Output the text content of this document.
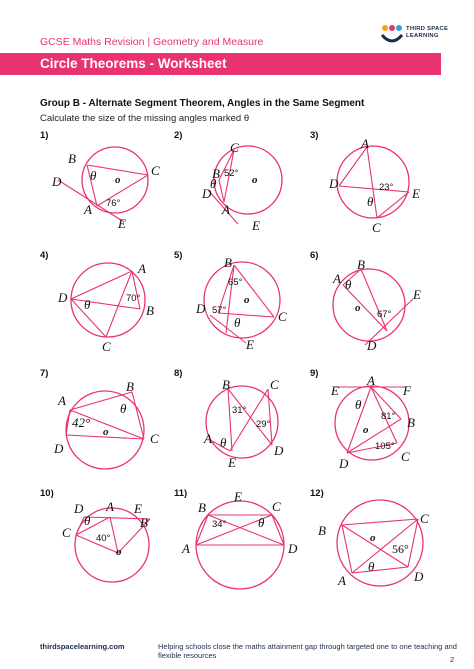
GCSE Maths Revision | Geometry and Measure
THIRD SPACE LEARNING
Circle Theorems - Worksheet
Group B - Alternate Segment Theorem, Angles in the Same Segment
Calculate the size of the missing angles marked θ
1)
B
C
D
A
E
θ
76°
o
2)
C
B
D
A
E
52°
θ	o
3)
A
D
C
E
23°
θ
4)
A
D
B
C
θ	70°
5)	B
D
C
E
65°
57°
θ
o
6)
A
B
E
D
θ
67°
o
7)
A
B
D
C
42°
θ
o
8)
B	C
A
D
E
31°
29°
θ
9)
E
A
F
B
D	C
θ
81°
105°
o
10)
D A E
B
C
θ
40°
o
11)
B
E
C
A	D
34° θ
12)
B
C
A	D
56°
θ
o
thirdspacelearning.com	Helping schools close the maths attainment gap through targeted one to one teaching and flexible resources	2
